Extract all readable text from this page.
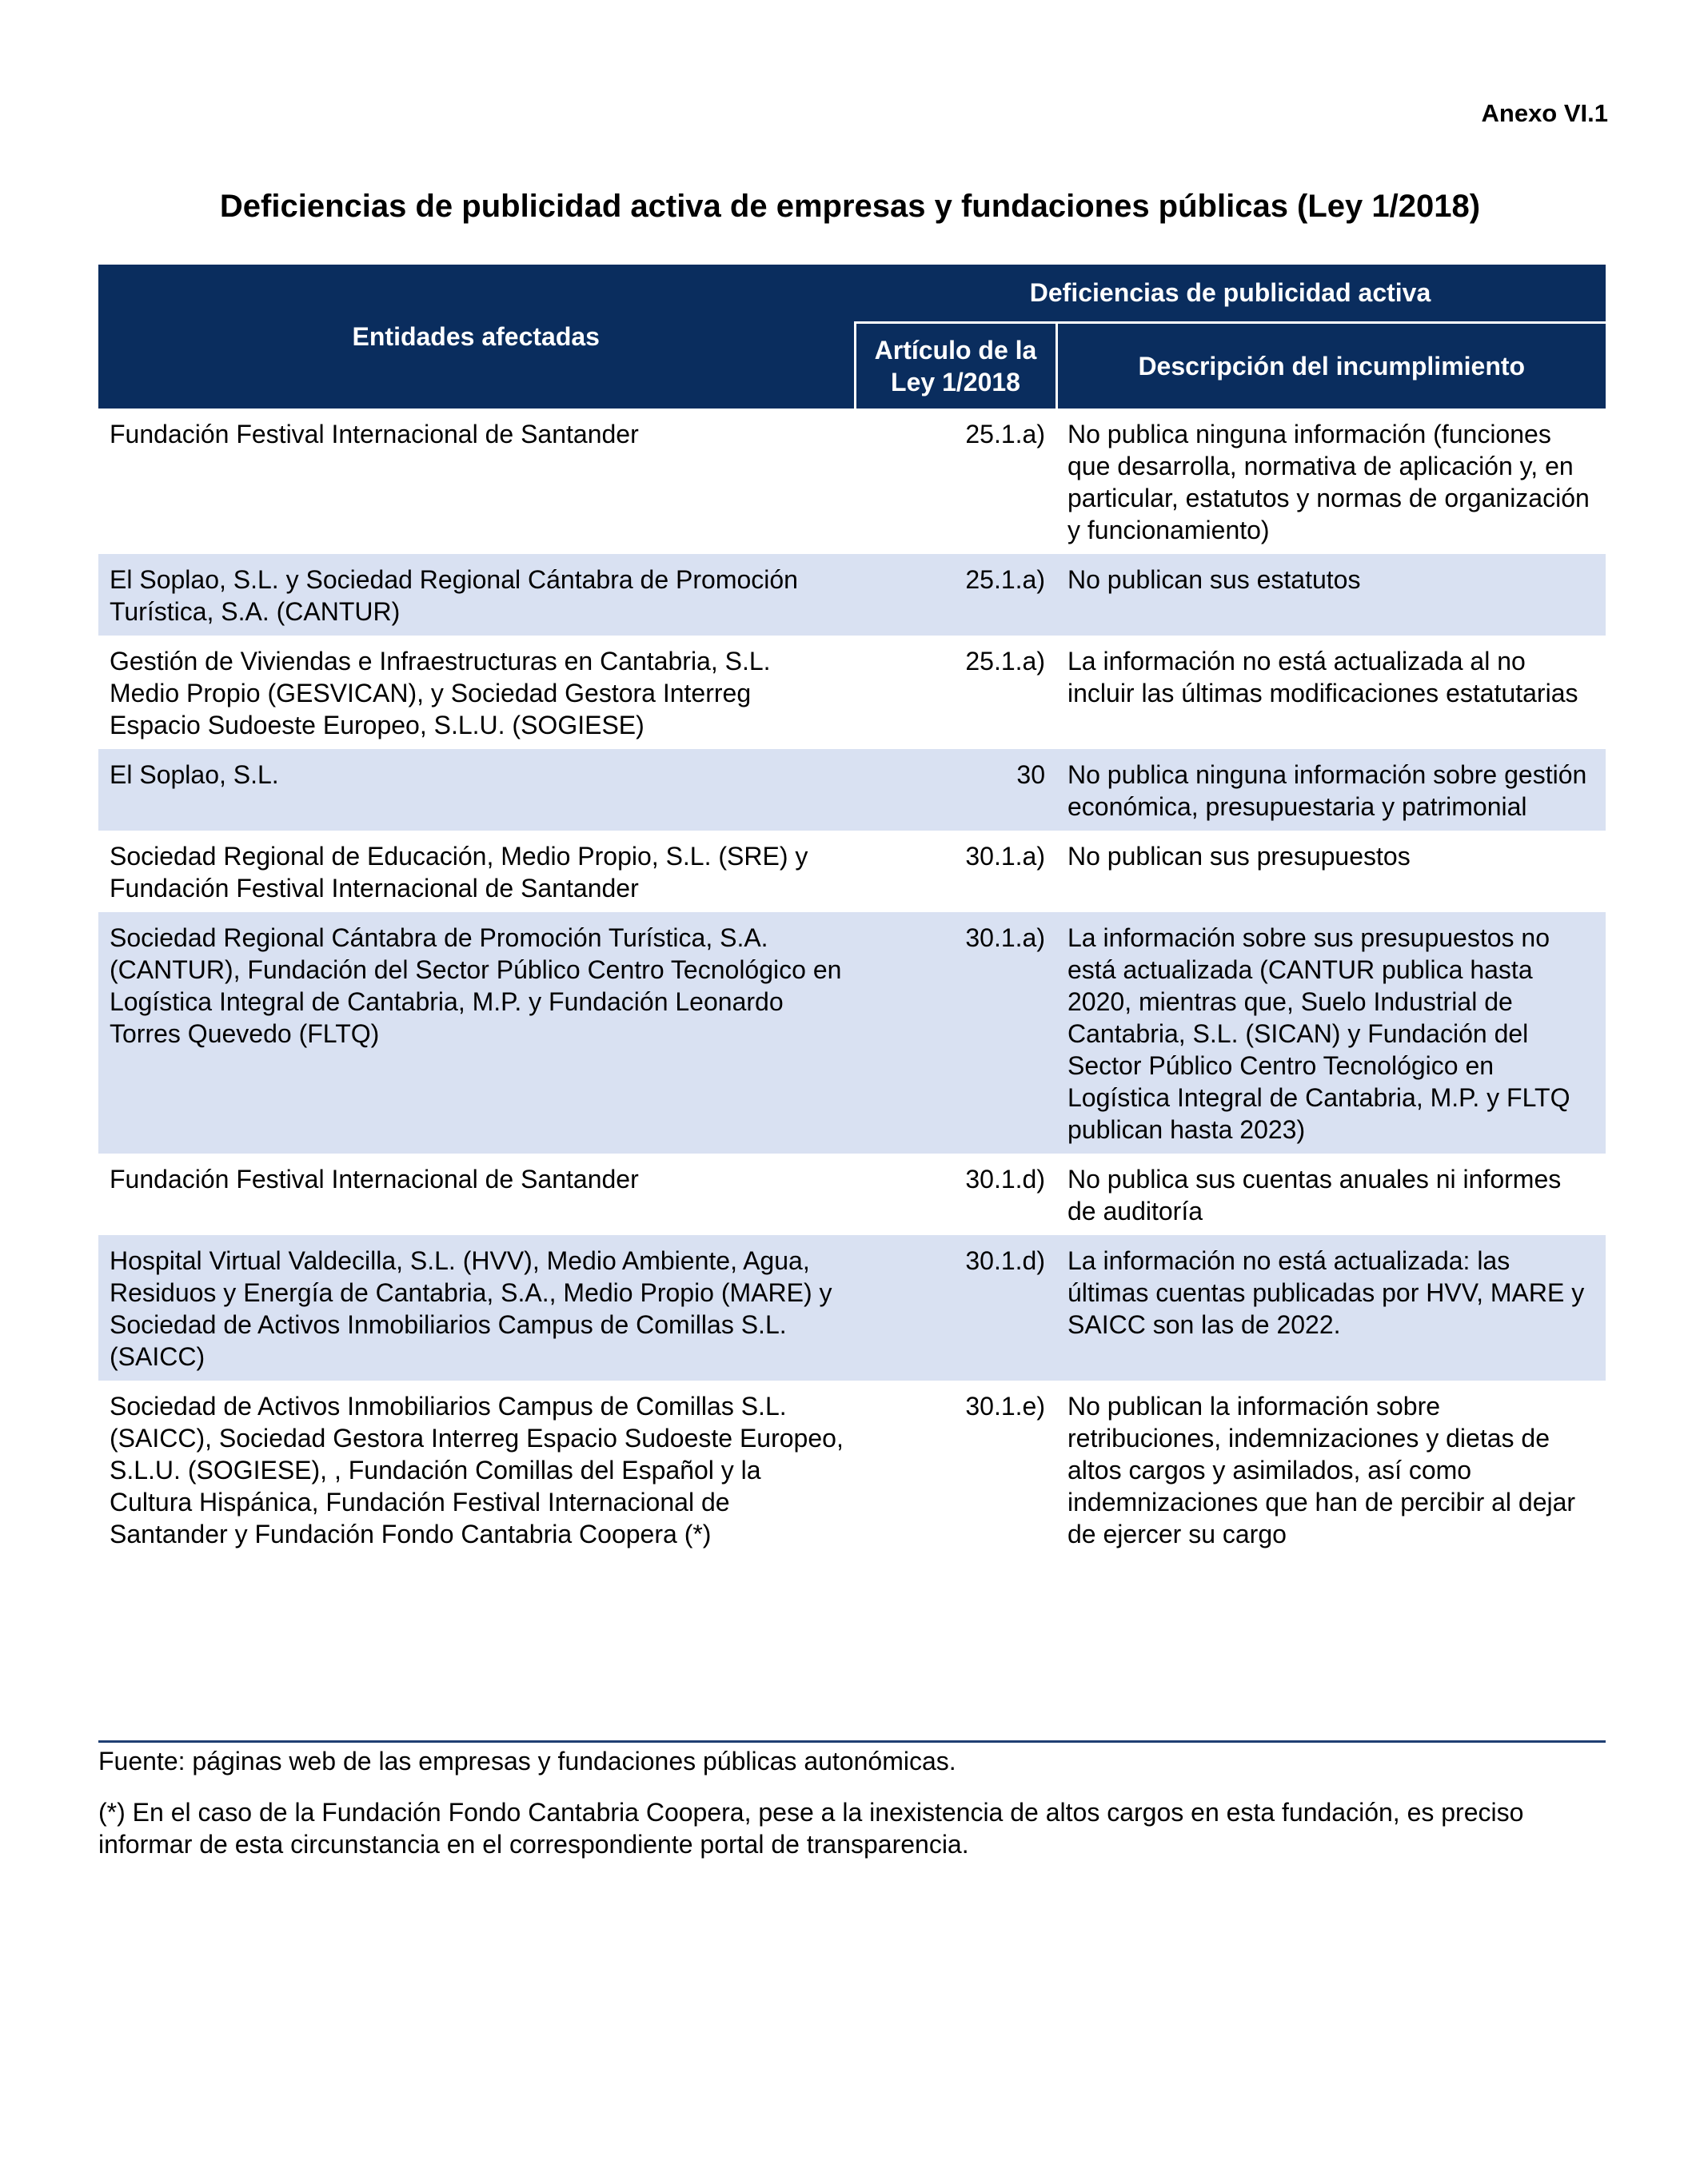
Anexo VI.1
Deficiencias de publicidad activa de empresas y fundaciones públicas (Ley 1/2018)
Entidades afectadas	Deficiencias de publicidad activa	
	Artículo de la Ley 1/2018	Descripción del incumplimiento
Fundación Festival Internacional de Santander	25.1.a)	No publica ninguna información (funciones que desarrolla, normativa de aplicación y, en particular, estatutos y normas de organización y funcionamiento)
El Soplao, S.L. y Sociedad Regional Cántabra de Promoción Turística, S.A. (CANTUR)	25.1.a)	No publican sus estatutos
Gestión de Viviendas e Infraestructuras en Cantabria, S.L. Medio Propio (GESVICAN), y Sociedad Gestora Interreg Espacio Sudoeste Europeo, S.L.U. (SOGIESE)	25.1.a)	La información no está actualizada al no incluir las últimas modificaciones estatutarias
El Soplao, S.L.	30	No publica ninguna información sobre gestión económica, presupuestaria y patrimonial
Sociedad Regional de Educación, Medio Propio, S.L. (SRE) y Fundación Festival Internacional de Santander	30.1.a)	No publican sus presupuestos
Sociedad Regional Cántabra de Promoción Turística, S.A. (CANTUR), Fundación del Sector Público Centro Tecnológico en Logística Integral de Cantabria, M.P. y Fundación Leonardo Torres Quevedo (FLTQ)	30.1.a)	La información sobre sus presupuestos no está actualizada (CANTUR publica hasta 2020, mientras que, Suelo Industrial de Cantabria, S.L. (SICAN) y Fundación del Sector Público Centro Tecnológico en Logística Integral de Cantabria, M.P. y FLTQ publican hasta 2023)
Fundación Festival Internacional de Santander	30.1.d)	No publica sus cuentas anuales ni informes de auditoría
Hospital Virtual Valdecilla, S.L. (HVV), Medio Ambiente, Agua, Residuos y Energía de Cantabria, S.A., Medio Propio (MARE) y Sociedad de Activos Inmobiliarios Campus de Comillas S.L. (SAICC)	30.1.d)	La información no está actualizada: las últimas cuentas publicadas por HVV, MARE y SAICC son las de 2022.
Sociedad de Activos Inmobiliarios Campus de Comillas S.L. (SAICC), Sociedad Gestora Interreg Espacio Sudoeste Europeo, S.L.U. (SOGIESE), , Fundación Comillas del Español y la Cultura Hispánica, Fundación Festival Internacional de Santander y Fundación Fondo Cantabria Coopera (*)	30.1.e)	No publican la información sobre retribuciones, indemnizaciones y dietas de altos cargos y asimilados, así como indemnizaciones que han de percibir al dejar de ejercer su cargo
Fuente: páginas web de las empresas y fundaciones públicas autonómicas.
(*) En el caso de la Fundación Fondo Cantabria Coopera, pese a la inexistencia de altos cargos en esta fundación, es preciso informar de esta circunstancia en el correspondiente portal de transparencia.
